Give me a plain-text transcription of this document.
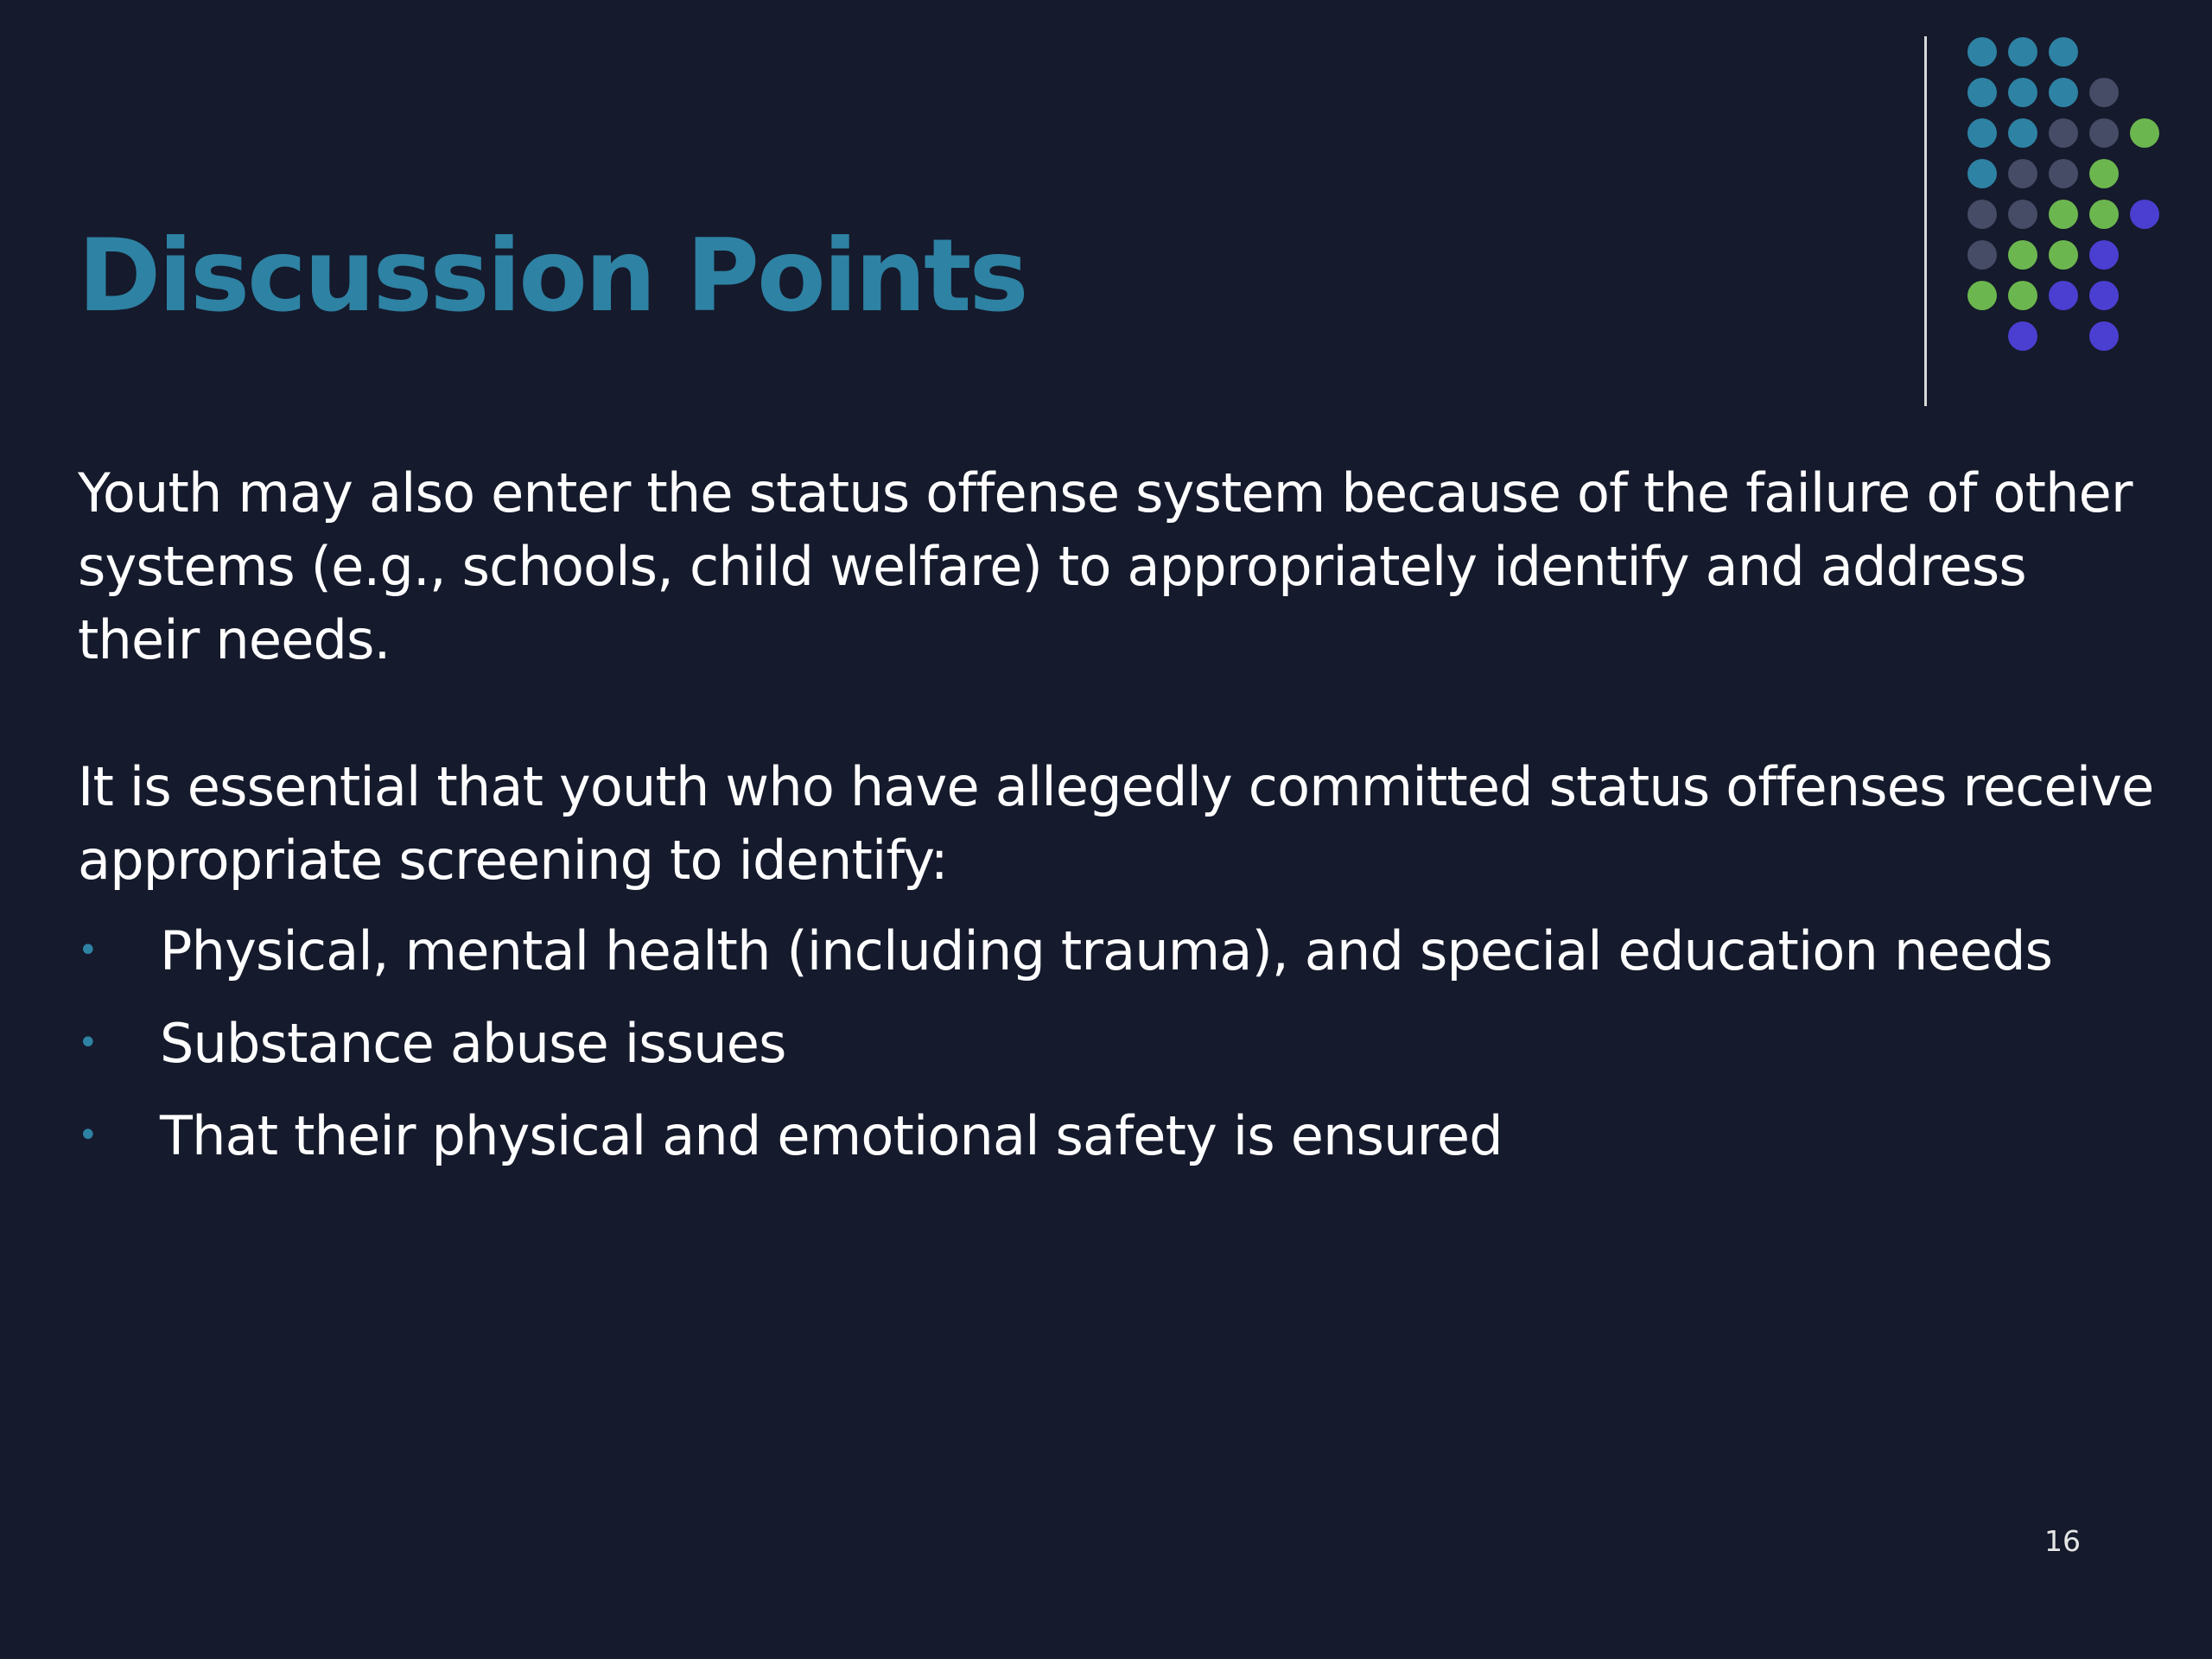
Discussion Points

Youth may also enter the status offense system because of the failure of other systems (e.g., schools, child welfare) to appropriately identify and address their needs.

It is essential that youth who have allegedly committed status offenses receive appropriate screening to identify:

• Physical, mental health (including trauma), and special education needs
• Substance abuse issues
• That their physical and emotional safety is ensured
16
